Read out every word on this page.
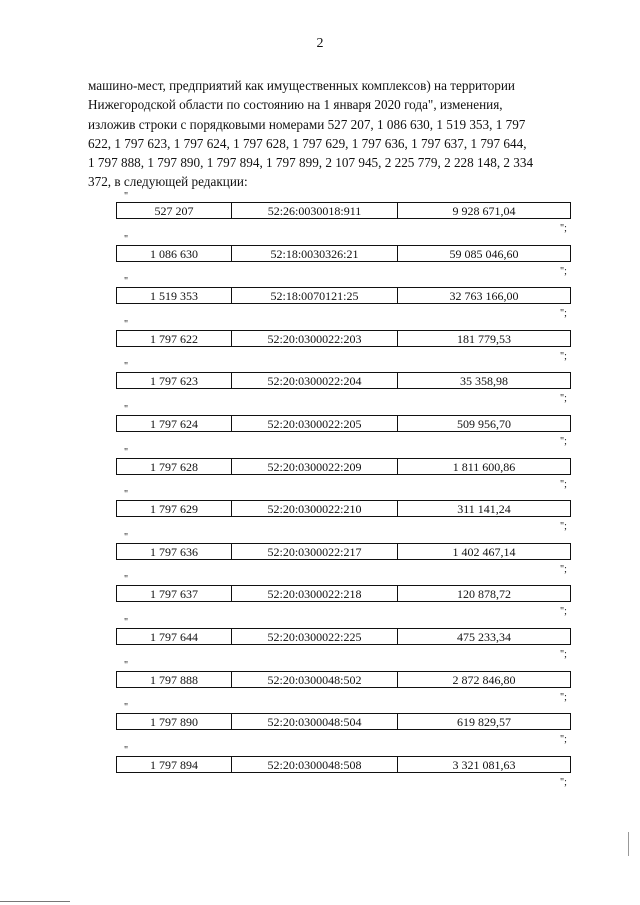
2
машино-мест, предприятий как имущественных комплексов) на территории
Нижегородской области по состоянию на 1 января 2020 года", изменения,
изложив строки с порядковыми номерами 527 207, 1 086 630, 1 519 353, 1 797
622, 1 797 623, 1 797 624, 1 797 628, 1 797 629, 1 797 636, 1 797 637, 1 797 644,
1 797 888, 1 797 890, 1 797 894, 1 797 899, 2 107 945, 2 225 779, 2 228 148, 2 334
372, в следующей редакции:
"
527 207	52:26:0030018:911	9 928 671,04
";
"
1 086 630	52:18:0030326:21	59 085 046,60
";
"
1 519 353	52:18:0070121:25	32 763 166,00
";
"
1 797 622	52:20:0300022:203	181 779,53
";
"
1 797 623	52:20:0300022:204	35 358,98
";
"
1 797 624	52:20:0300022:205	509 956,70
";
"
1 797 628	52:20:0300022:209	1 811 600,86
";
"
1 797 629	52:20:0300022:210	311 141,24
";
"
1 797 636	52:20:0300022:217	1 402 467,14
";
"
1 797 637	52:20:0300022:218	120 878,72
";
"
1 797 644	52:20:0300022:225	475 233,34
";
"
1 797 888	52:20:0300048:502	2 872 846,80
";
"
1 797 890	52:20:0300048:504	619 829,57
";
"
1 797 894	52:20:0300048:508	3 321 081,63
";
